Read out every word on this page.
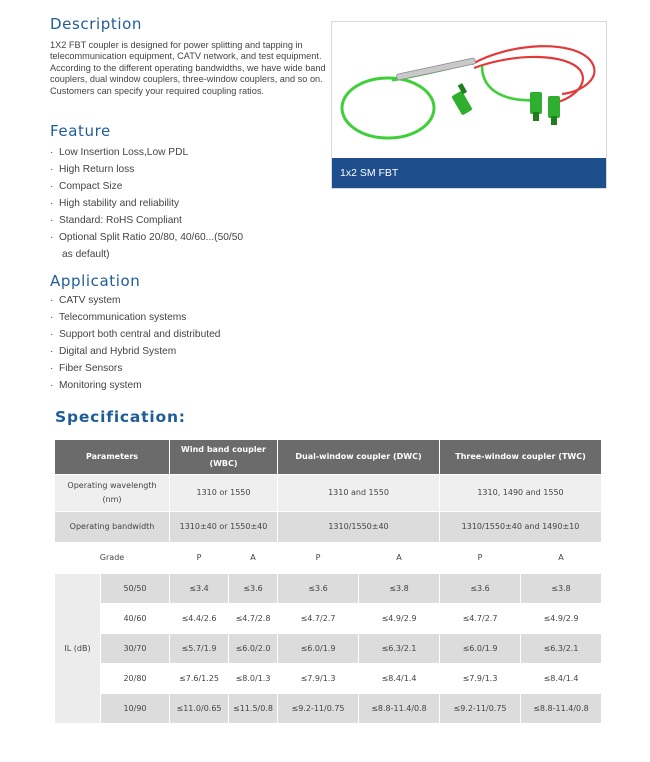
Description
1X2 FBT coupler is designed for power splitting and tapping in telecommunication equipment, CATV network, and test equipment. According to the different operating bandwidths, we have wide band couplers, dual window couplers, three-window couplers, and so on. Customers can specify your required coupling ratios.
1x2 SM FBT
Feature
· Low Insertion Loss,Low PDL
· High Return loss
· Compact Size
· High stability and reliability
· Standard: RoHS Compliant
· Optional Split Ratio 20/80, 40/60...(50/50
as default)
Application
· CATV system
· Telecommunication systems
· Support both central and distributed
· Digital and Hybrid System
· Fiber Sensors
· Monitoring system
Specification:
Parameters		Wind band coupler (WBC)		Dual-window coupler (DWC)		Three-window coupler (TWC)	
Operating wavelength (nm)		1310 or 1550		1310 and 1550		1310, 1490 and 1550	
Operating bandwidth		1310±40 or 1550±40		1310/1550±40		1310/1550±40 and 1490±10	
Grade		P	A	P	A	P	A
IL (dB)	50/50	≤3.4	≤3.6	≤3.6	≤3.8	≤3.6	≤3.8
	40/60	≤4.4/2.6	≤4.7/2.8	≤4.7/2.7	≤4.9/2.9	≤4.7/2.7	≤4.9/2.9
	30/70	≤5.7/1.9	≤6.0/2.0	≤6.0/1.9	≤6.3/2.1	≤6.0/1.9	≤6.3/2.1
	20/80	≤7.6/1.25	≤8.0/1.3	≤7.9/1.3	≤8.4/1.4	≤7.9/1.3	≤8.4/1.4
	10/90	≤11.0/0.65	≤11.5/0.8	≤9.2-11/0.75	≤8.8-11.4/0.8	≤9.2-11/0.75	≤8.8-11.4/0.8
